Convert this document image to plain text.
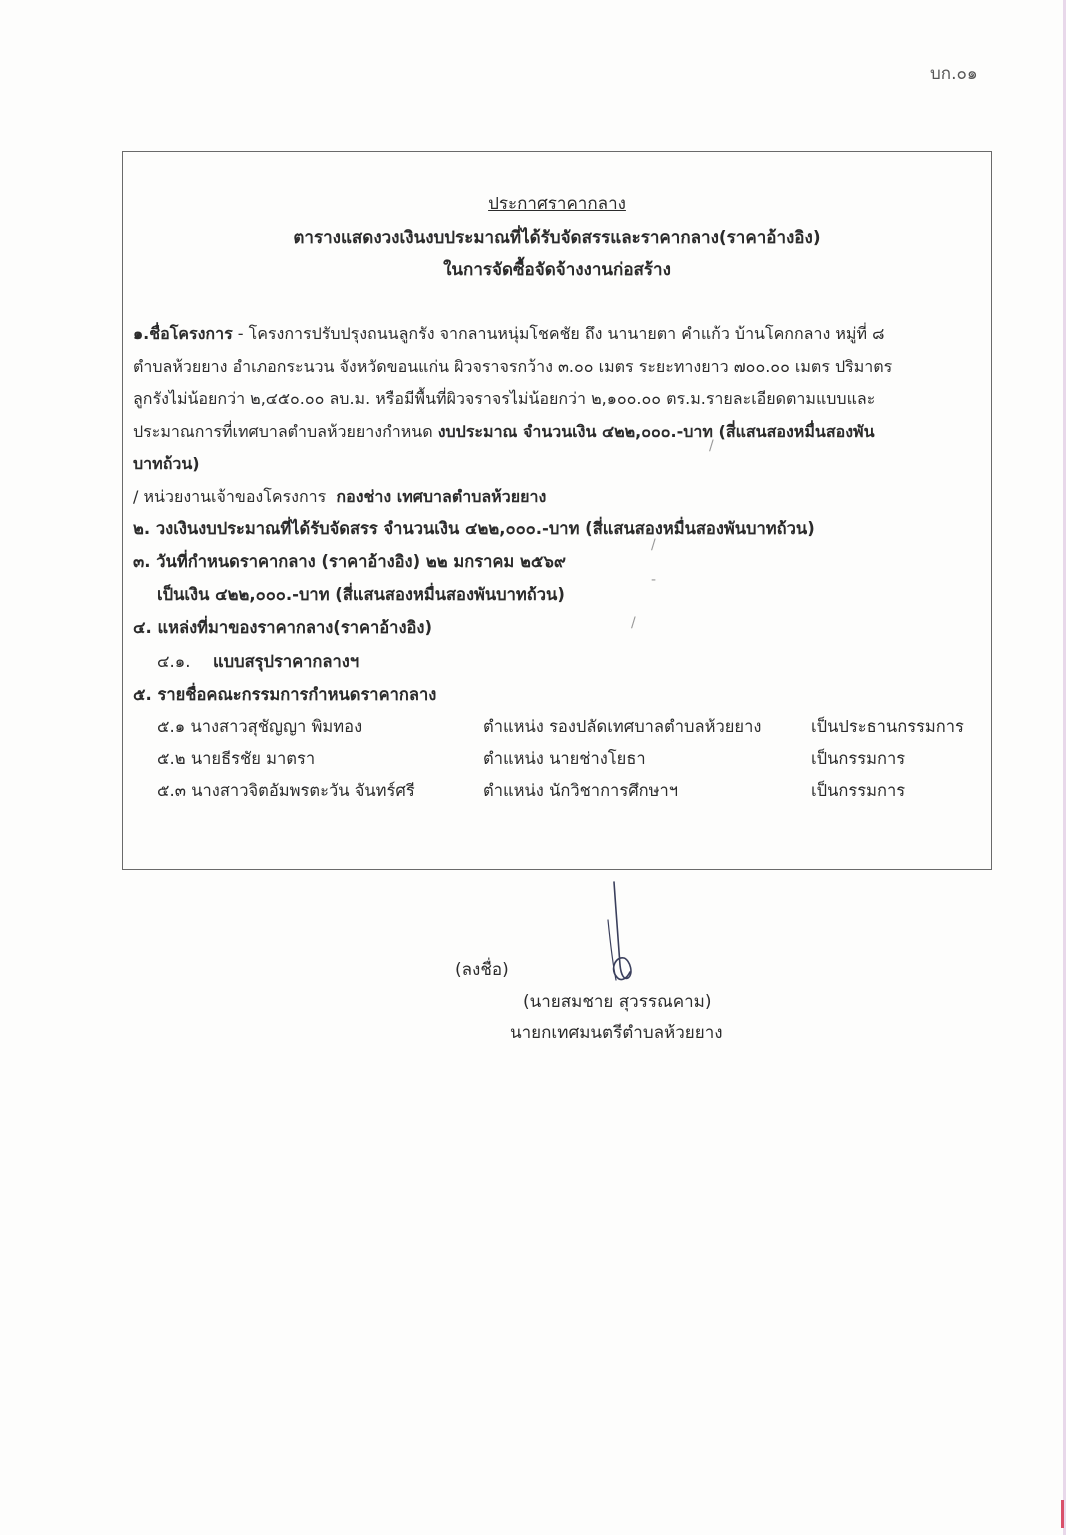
บก.๐๑
ประกาศราคากลาง
ตารางแสดงวงเงินงบประมาณที่ได้รับจัดสรรและราคากลาง(ราคาอ้างอิง)
ในการจัดซื้อจัดจ้างงานก่อสร้าง
๑.ชื่อโครงการ - โครงการปรับปรุงถนนลูกรัง จากลานหนุ่มโชคชัย ถึง นานายตา คำแก้ว บ้านโคกกลาง หมู่ที่ ๘
ตำบลห้วยยาง อำเภอกระนวน จังหวัดขอนแก่น ผิวจราจรกว้าง ๓.๐๐ เมตร ระยะทางยาว ๗๐๐.๐๐ เมตร ปริมาตร
ลูกรังไม่น้อยกว่า ๒,๔๕๐.๐๐ ลบ.ม. หรือมีพื้นที่ผิวจราจรไม่น้อยกว่า ๒,๑๐๐.๐๐ ตร.ม.รายละเอียดตามแบบและ
ประมาณการที่เทศบาลตำบลห้วยยางกำหนด งบประมาณ จำนวนเงิน ๔๒๒,๐๐๐.-บาท (สี่แสนสองหมื่นสองพัน
บาทถ้วน)
/ หน่วยงานเจ้าของโครงการ กองช่าง เทศบาลตำบลห้วยยาง
๒. วงเงินงบประมาณที่ได้รับจัดสรร จำนวนเงิน ๔๒๒,๐๐๐.-บาท (สี่แสนสองหมื่นสองพันบาทถ้วน)
๓. วันที่กำหนดราคากลาง (ราคาอ้างอิง) ๒๒ มกราคม ๒๕๖๙
เป็นเงิน ๔๒๒,๐๐๐.-บาท (สี่แสนสองหมื่นสองพันบาทถ้วน)
๔. แหล่งที่มาของราคากลาง(ราคาอ้างอิง)
๔.๑. แบบสรุปราคากลางฯ
๕. รายชื่อคณะกรรมการกำหนดราคากลาง
๕.๑ นางสาวสุชัญญา พิมทอง	ตำแหน่ง รองปลัดเทศบาลตำบลห้วยยาง	เป็นประธานกรรมการ
๕.๒ นายธีรชัย มาตรา	ตำแหน่ง นายช่างโยธา	เป็นกรรมการ
๕.๓ นางสาวจิตอัมพรตะวัน จันทร์ศรี	ตำแหน่ง นักวิชาการศึกษาฯ	เป็นกรรมการ
/
/
-
/
(ลงชื่อ)
(นายสมชาย สุวรรณคาม)
นายกเทศมนตรีตำบลห้วยยาง
